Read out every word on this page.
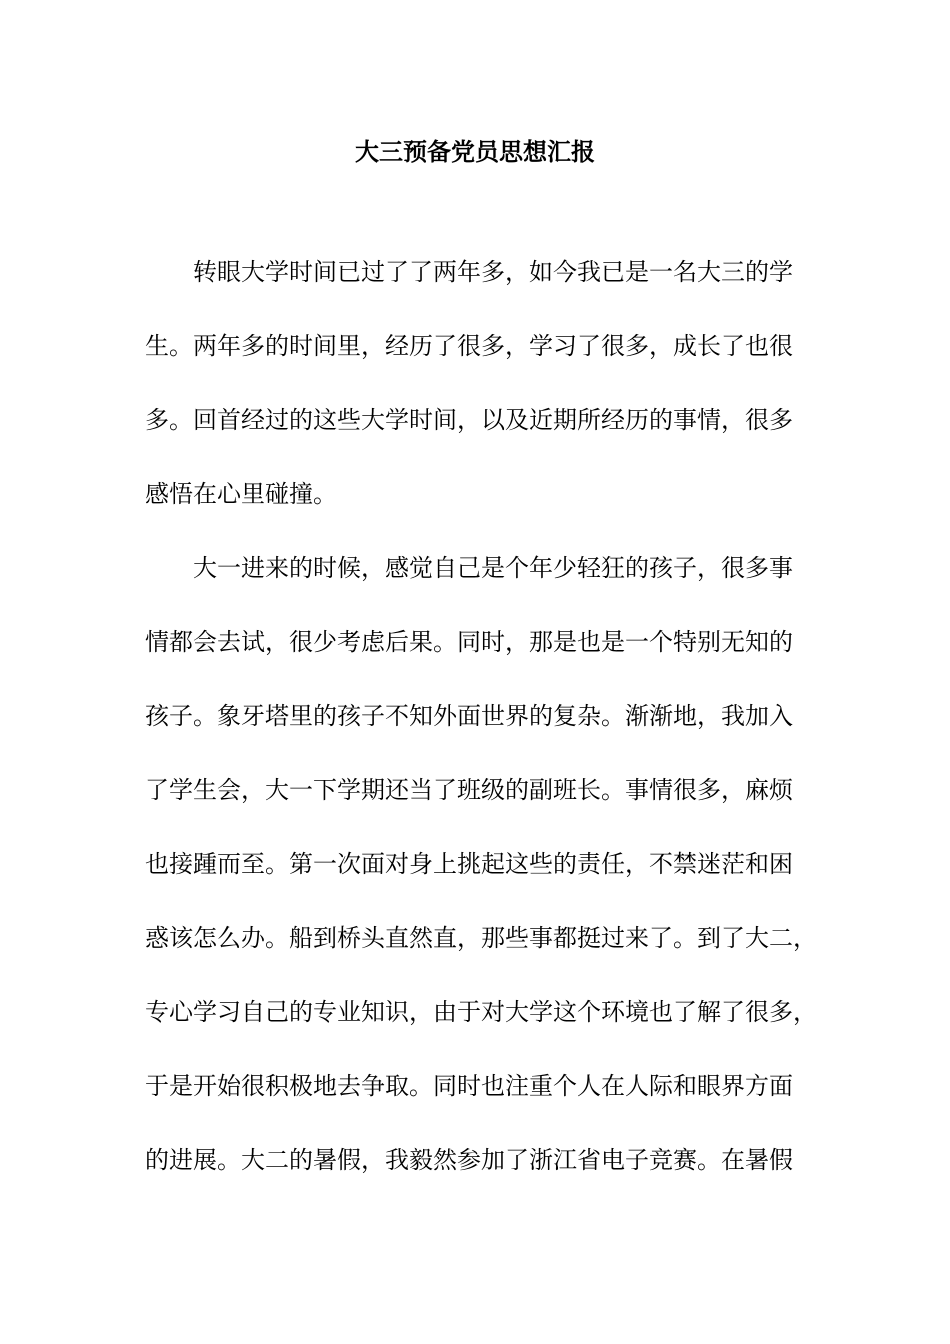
大三预备党员思想汇报
转眼大学时间已过了了两年多，如今我已是一名大三的学
生。两年多的时间里，经历了很多，学习了很多，成长了也很
多。回首经过的这些大学时间，以及近期所经历的事情，很多
感悟在心里碰撞。
大一进来的时候，感觉自己是个年少轻狂的孩子，很多事
情都会去试，很少考虑后果。同时，那是也是一个特别无知的
孩子。象牙塔里的孩子不知外面世界的复杂。渐渐地，我加入
了学生会，大一下学期还当了班级的副班长。事情很多，麻烦
也接踵而至。第一次面对身上挑起这些的责任，不禁迷茫和困
惑该怎么办。船到桥头直然直，那些事都挺过来了。到了大二，
专心学习自己的专业知识，由于对大学这个环境也了解了很多，
于是开始很积极地去争取。同时也注重个人在人际和眼界方面
的进展。大二的暑假，我毅然参加了浙江省电子竞赛。在暑假
